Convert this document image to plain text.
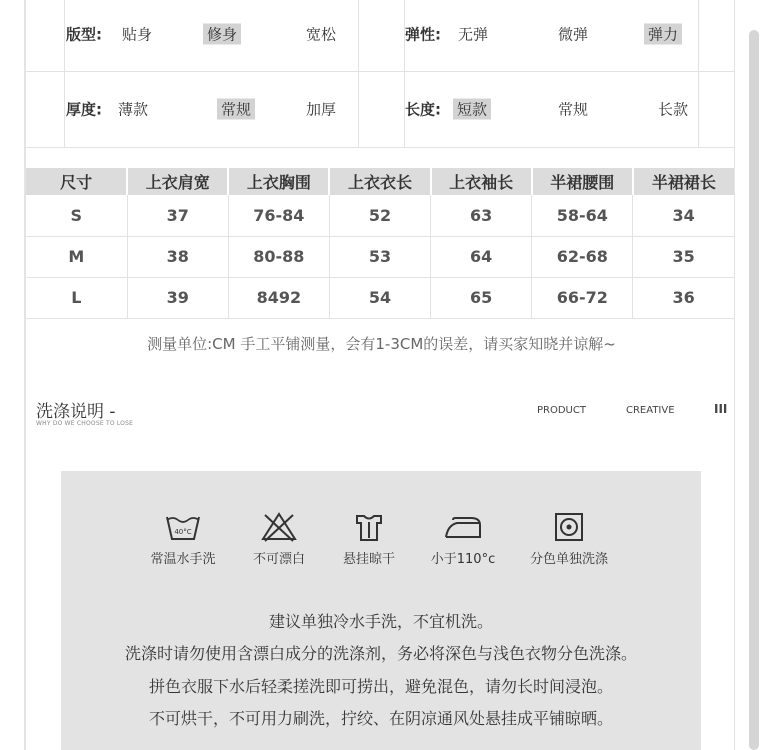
版型: 贴身	修身	宽松	弹性: 无弹	微弹	弹力
厚度: 薄款	常规	加厚	长度: 短款	常规	长款
尺寸	上衣肩宽	上衣胸围	上衣衣长	上衣袖长	半裙腰围	半裙裙长
S	37	76-84	52	63	58-64	34
M	38	80-88	53	64	62-68	35
L	39	8492	54	65	66-72	36
测量单位:CM 手工平铺测量，会有1-3CM的误差，请买家知晓并谅解~
洗涤说明 -
WHY DO WE CHOOSE TO LOSE
PRODUCT	CREATIVE	III
40°C
常温水手洗	不可漂白	悬挂晾干	小于110°c	分色单独洗涤
建议单独冷水手洗，不宜机洗。
洗涤时请勿使用含漂白成分的洗涤剂，务必将深色与浅色衣物分色洗涤。
拼色衣服下水后轻柔搓洗即可捞出，避免混色，请勿长时间浸泡。
不可烘干，不可用力刷洗，拧绞、在阴凉通风处悬挂成平铺晾晒。
